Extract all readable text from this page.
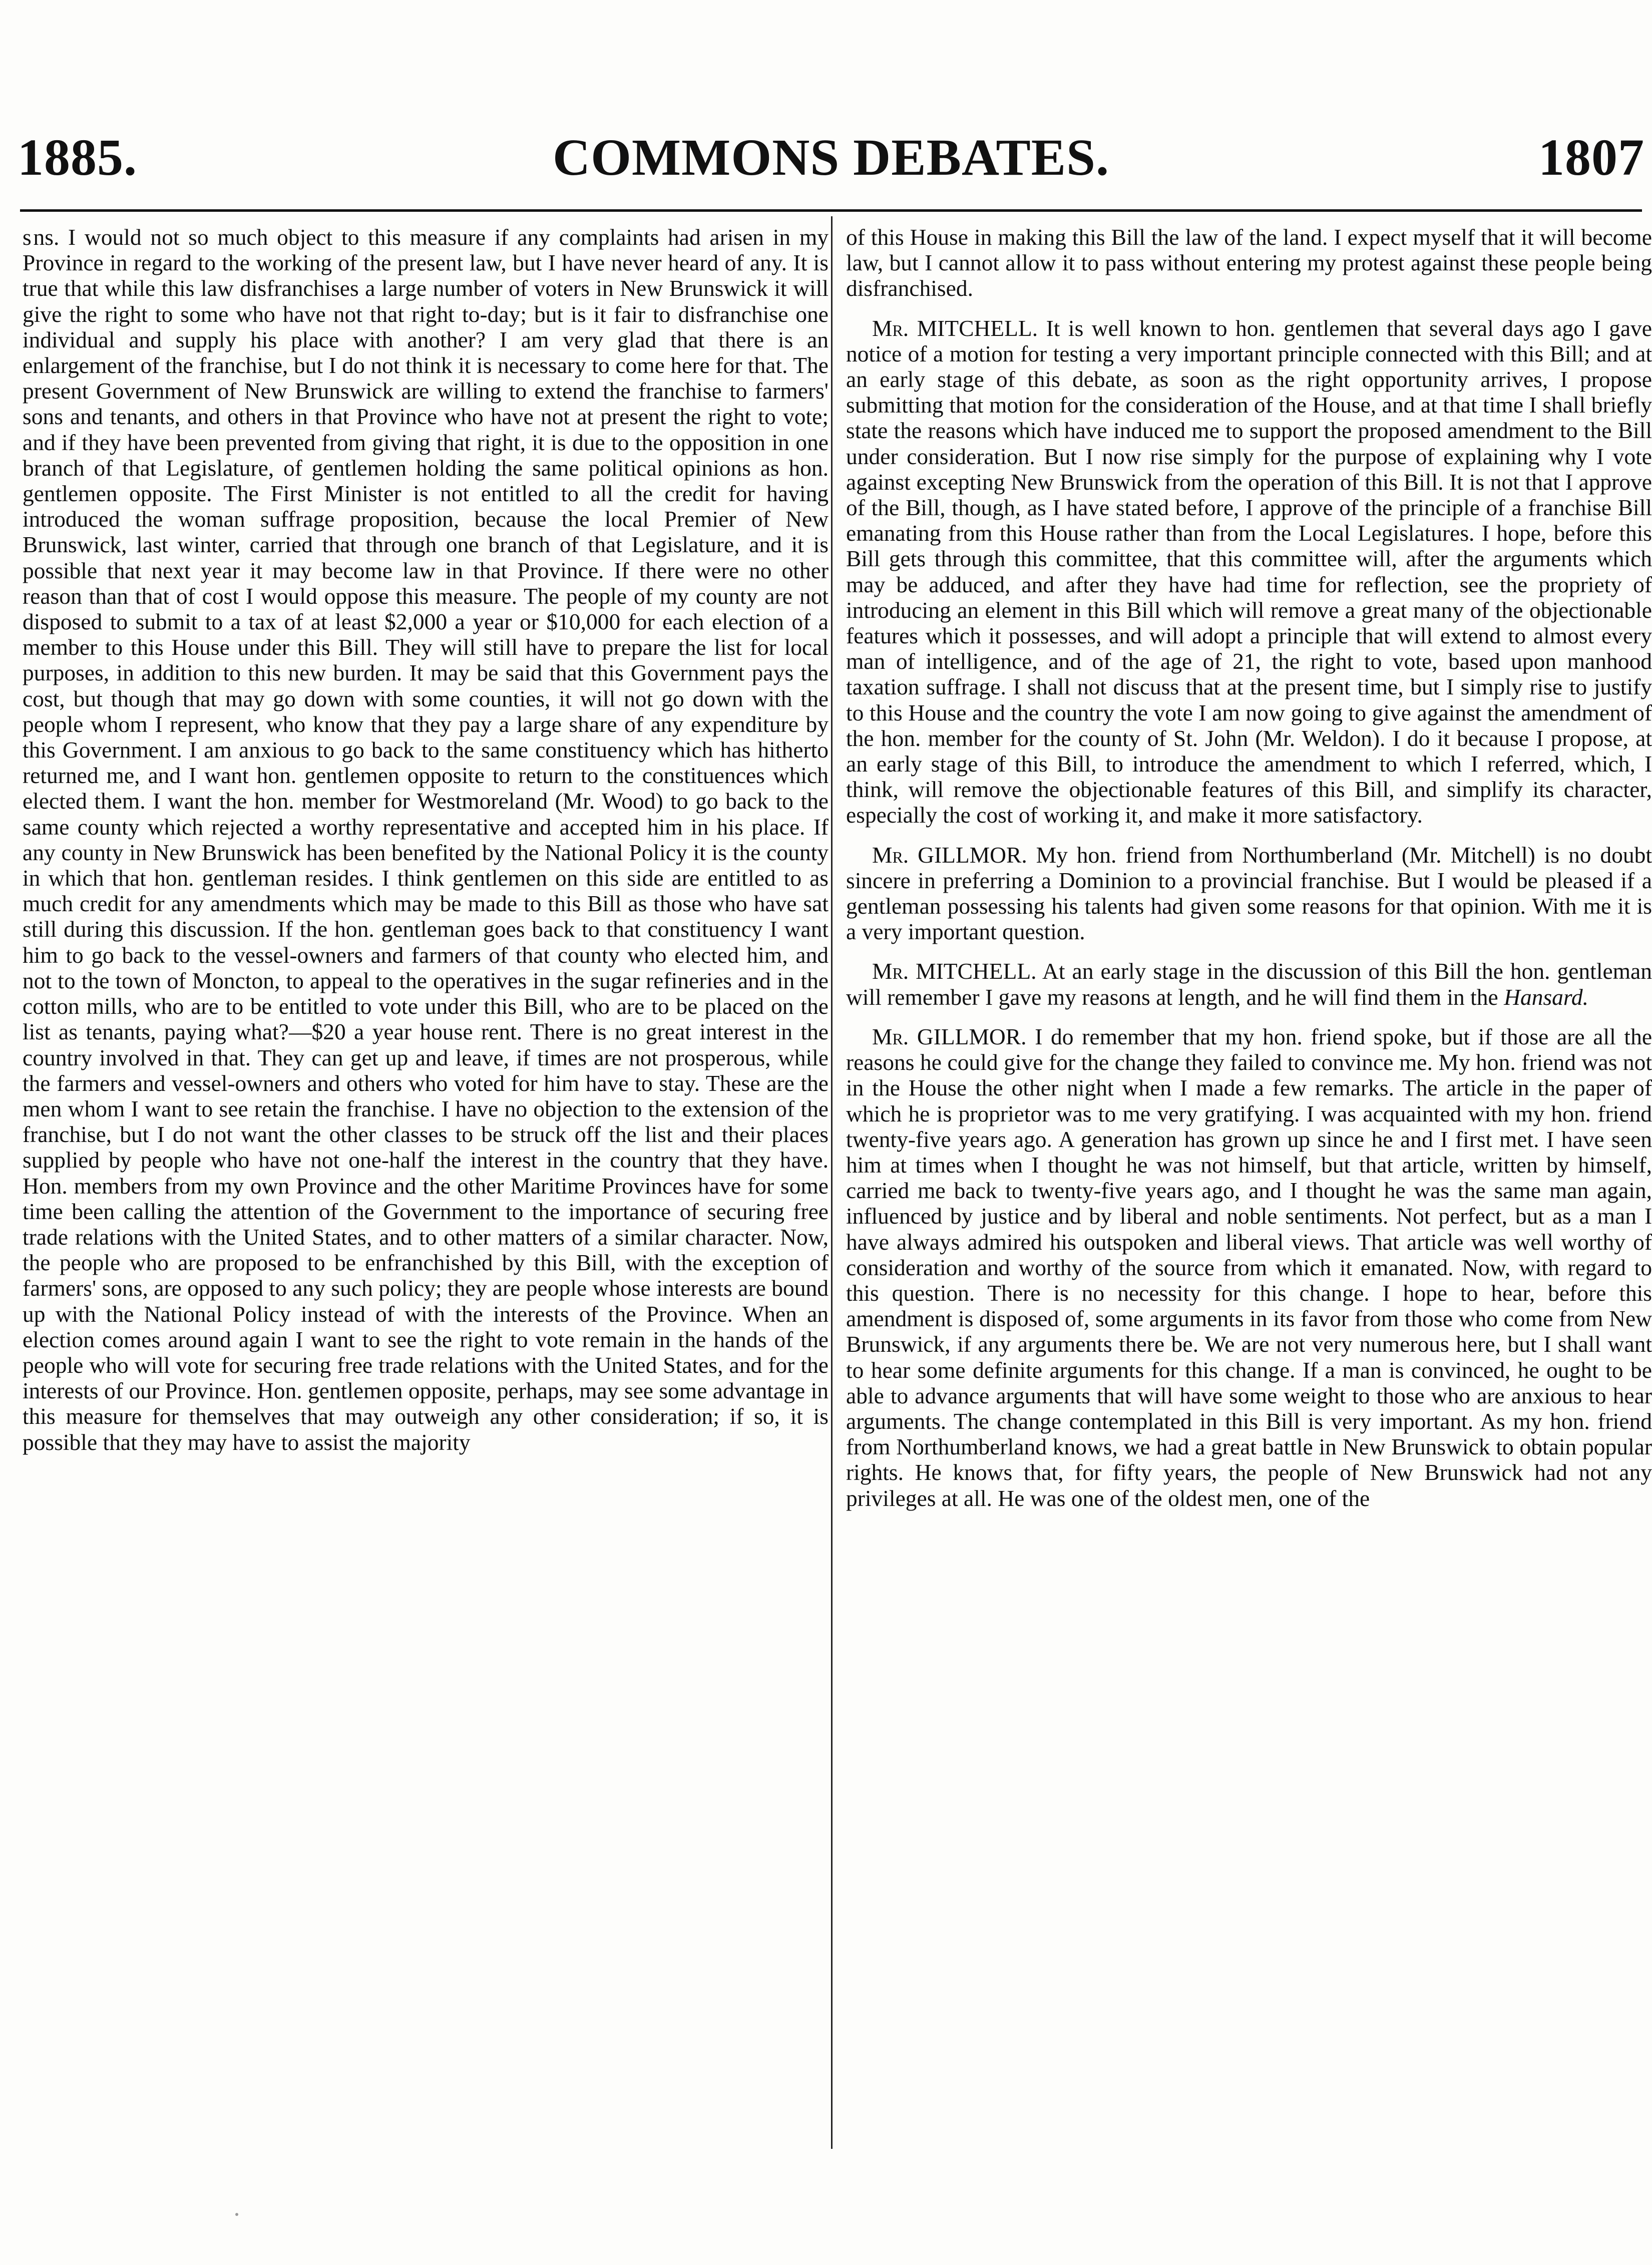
1885.	COMMONS DEBATES.	1807

s ns. I would not so much object to this measure if any complaints had arisen in my Province in regard to the working of the present law, but I have never heard of any. It is true that while this law disfranchises a large number of voters in New Brunswick it will give the right to some who have not that right to-day; but is it fair to disfranchise one individual and supply his place with another? I am very glad that there is an enlargement of the franchise, but I do not think it is necessary to come here for that. The present Government of New Brunswick are willing to extend the franchise to farmers' sons and tenants, and others in that Province who have not at present the right to vote; and if they have been prevented from giving that right, it is due to the opposition in one branch of that Legislature, of gentlemen holding the same political opinions as hon. gentlemen opposite. The First Minister is not entitled to all the credit for having introduced the woman suffrage proposition, because the local Premier of New Brunswick, last winter, carried that through one branch of that Legislature, and it is possible that next year it may become law in that Province. If there were no other reason than that of cost I would oppose this measure. The people of my county are not disposed to submit to a tax of at least $2,000 a year or $10,000 for each election of a member to this House under this Bill. They will still have to prepare the list for local purposes, in addition to this new burden. It may be said that this Government pays the cost, but though that may go down with some counties, it will not go down with the people whom I represent, who know that they pay a large share of any expenditure by this Government. I am anxious to go back to the same constituency which has hitherto returned me, and I want hon. gentlemen opposite to return to the constituences which elected them. I want the hon. member for Westmoreland (Mr. Wood) to go back to the same county which rejected a worthy representative and accepted him in his place. If any county in New Brunswick has been benefited by the National Policy it is the county in which that hon. gentleman resides. I think gentlemen on this side are entitled to as much credit for any amendments which may be made to this Bill as those who have sat still during this discussion. If the hon. gentleman goes back to that constituency I want him to go back to the vessel-owners and farmers of that county who elected him, and not to the town of Moncton, to appeal to the operatives in the sugar refineries and in the cotton mills, who are to be entitled to vote under this Bill, who are to be placed on the list as tenants, paying what?—$20 a year house rent. There is no great interest in the country involved in that. They can get up and leave, if times are not prosperous, while the farmers and vessel-owners and others who voted for him have to stay. These are the men whom I want to see retain the franchise. I have no objection to the extension of the franchise, but I do not want the other classes to be struck off the list and their places supplied by people who have not one-half the interest in the country that they have. Hon. members from my own Province and the other Maritime Provinces have for some time been calling the attention of the Government to the importance of securing free trade relations with the United States, and to other matters of a similar character. Now, the people who are proposed to be enfranchished by this Bill, with the exception of farmers' sons, are opposed to any such policy; they are people whose interests are bound up with the National Policy instead of with the interests of the Province. When an election comes around again I want to see the right to vote remain in the hands of the people who will vote for securing free trade relations with the United States, and for the interests of our Province. Hon. gentlemen opposite, perhaps, may see some advantage in this measure for themselves that may outweigh any other consideration; if so, it is possible that they may have to assist the majority

of this House in making this Bill the law of the land. I expect myself that it will become law, but I cannot allow it to pass without entering my protest against these people being disfranchised.

Mr. MITCHELL. It is well known to hon. gentlemen that several days ago I gave notice of a motion for testing a very important principle connected with this Bill; and at an early stage of this debate, as soon as the right opportunity arrives, I propose submitting that motion for the consideration of the House, and at that time I shall briefly state the reasons which have induced me to support the proposed amendment to the Bill under consideration. But I now rise simply for the purpose of explaining why I vote against excepting New Brunswick from the operation of this Bill. It is not that I approve of the Bill, though, as I have stated before, I approve of the principle of a franchise Bill emanating from this House rather than from the Local Legislatures. I hope, before this Bill gets through this committee, that this committee will, after the arguments which may be adduced, and after they have had time for reflection, see the propriety of introducing an element in this Bill which will remove a great many of the objectionable features which it possesses, and will adopt a principle that will extend to almost every man of intelligence, and of the age of 21, the right to vote, based upon manhood taxation suffrage. I shall not discuss that at the present time, but I simply rise to justify to this House and the country the vote I am now going to give against the amendment of the hon. member for the county of St. John (Mr. Weldon). I do it because I propose, at an early stage of this Bill, to introduce the amendment to which I referred, which, I think, will remove the objectionable features of this Bill, and simplify its character, especially the cost of working it, and make it more satisfactory.

Mr. GILLMOR. My hon. friend from Northumberland (Mr. Mitchell) is no doubt sincere in preferring a Dominion to a provincial franchise. But I would be pleased if a gentleman possessing his talents had given some reasons for that opinion. With me it is a very important question.

Mr. MITCHELL. At an early stage in the discussion of this Bill the hon. gentleman will remember I gave my reasons at length, and he will find them in the Hansard.

Mr. GILLMOR. I do remember that my hon. friend spoke, but if those are all the reasons he could give for the change they failed to convince me. My hon. friend was not in the House the other night when I made a few remarks. The article in the paper of which he is proprietor was to me very gratifying. I was acquainted with my hon. friend twenty-five years ago. A generation has grown up since he and I first met. I have seen him at times when I thought he was not himself, but that article, written by himself, carried me back to twenty-five years ago, and I thought he was the same man again, influenced by justice and by liberal and noble sentiments. Not perfect, but as a man I have always admired his outspoken and liberal views. That article was well worthy of consideration and worthy of the source from which it emanated. Now, with regard to this question. There is no necessity for this change. I hope to hear, before this amendment is disposed of, some arguments in its favor from those who come from New Brunswick, if any arguments there be. We are not very numerous here, but I shall want to hear some definite arguments for this change. If a man is convinced, he ought to be able to advance arguments that will have some weight to those who are anxious to hear arguments. The change contemplated in this Bill is very important. As my hon. friend from Northumberland knows, we had a great battle in New Brunswick to obtain popular rights. He knows that, for fifty years, the people of New Brunswick had not any privileges at all. He was one of the oldest men, one of the
